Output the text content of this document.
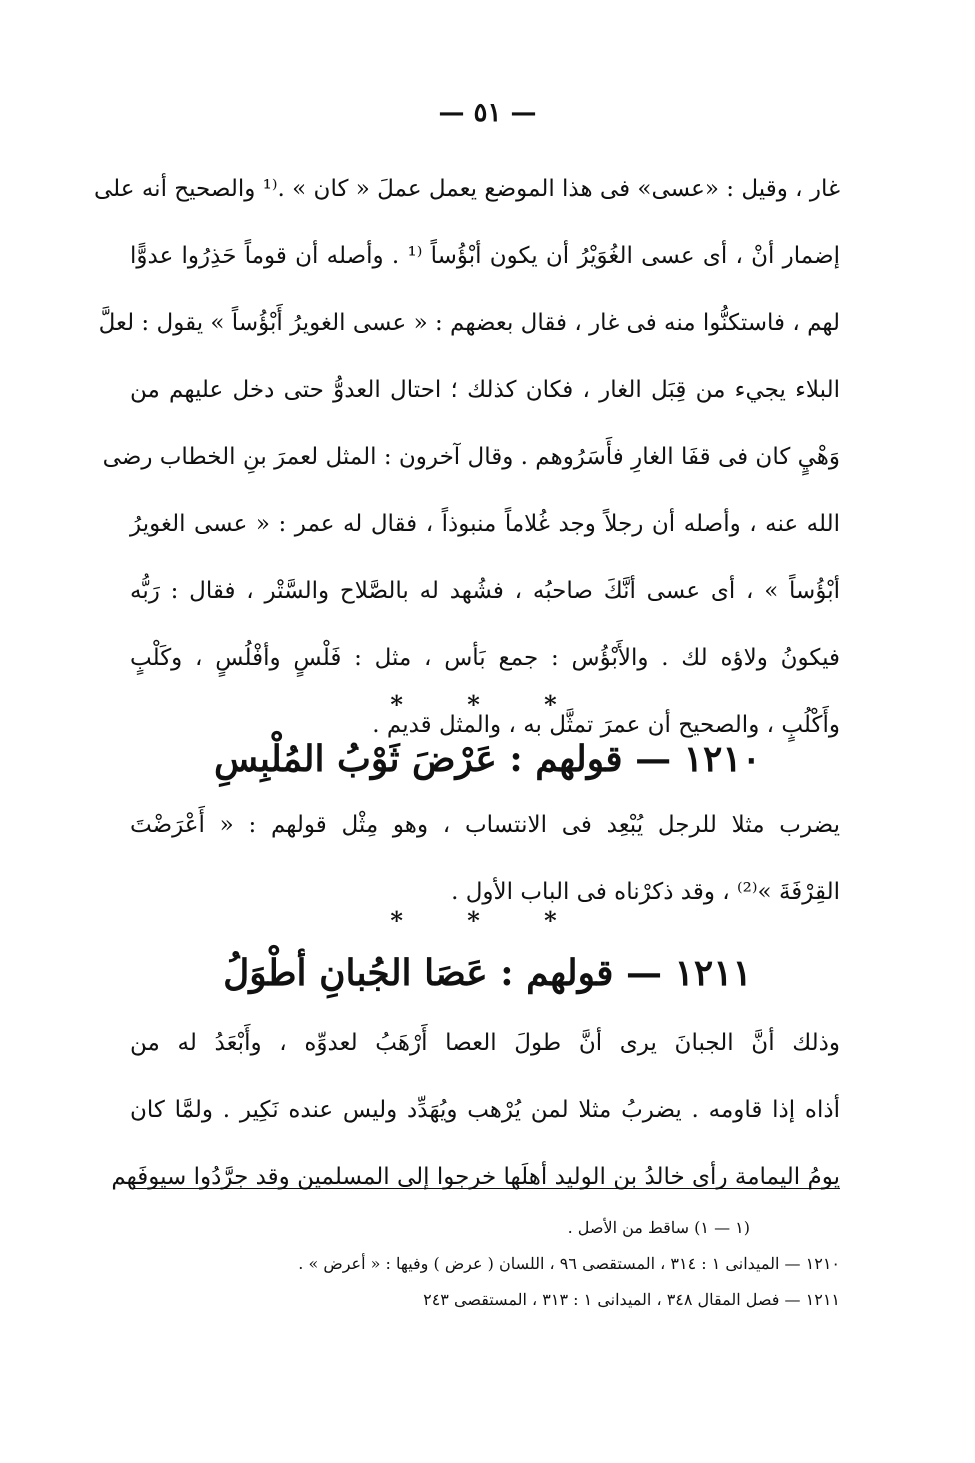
— ٥١ —
غار ، وقيل : «عسى» فى هذا الموضع يعمل عملَ « كان » .⁽¹ والصحيح أنه على
إضمار أنْ ، أى عسى الغُوَيْرُ أن يكون أبْؤُساً ⁽¹ . وأصله أن قوماً حَذِرُوا عدوًّا
لهم ، فاستكنُّوا منه فى غار ، فقال بعضهم : « عسى الغويرُ أَبْؤُساً » يقول : لعلَّ
البلاء يجيء من قِبَل الغار ، فكان كذلك ؛ احتال العدوُّ حتى دخل عليهم من
وَهْيٍ كان فى قفَا الغارِ فأَسَرُوهم . وقال آخرون : المثل لعمرَ بنِ الخطاب رضى
الله عنه ، وأصله أن رجلاً وجد غُلاماً منبوذاً ، فقال له عمر : « عسى الغويرُ
أبْؤُساً » ، أى عسى أنَّكَ صاحبُه ، فشُهد له بالصَّلاح والسَّتْر ، فقال : رَبُّه
فيكونُ ولاؤه لك . والأَبْؤُس : جمع بَأس ، مثل : فَلْسٍ وأفْلُسٍ ، وكَلْبٍ
وأَكْلُبٍ ، والصحيح أن عمرَ تمثَّل به ، والمثل قديم .
* * *
١٢١٠ — قولهم : عَرْضَ ثَوْبُ المُلْبِسِ
يضرب مثلا للرجل يُبْعِد فى الانتساب ، وهو مِثْل قولهم : « أَعْرَضْتَ
القِرْفَةَ »⁽²⁾ ، وقد ذكرْناه فى الباب الأول .
* * *
١٢١١ — قولهم : عَصَا الجُبانِ أطْوَلُ
وذلك أنَّ الجبانَ يرى أنَّ طولَ العصا أَرْهَبُ لعدوِّه ، وأَبْعَدُ له من
أذاه إذا قاومه . يضربُ مثلا لمن يُرْهب ويُهَدِّد وليس عنده نَكِير . ولمَّا كان
يومُ اليمامة رأى خالدُ بن الوليد أهلَها خرجوا إلى المسلمين وقد جرَّدُوا سيوفَهم
(١ — ١) ساقط من الأصل .
١٢١٠ — الميدانى ١ : ٣١٤ ، المستقصى ٩٦ ، اللسان ( عرض ) وفيها : « أعرض » .
١٢١١ — فصل المقال ٣٤٨ ، الميدانى ١ : ٣١٣ ، المستقصى ٢٤٣
